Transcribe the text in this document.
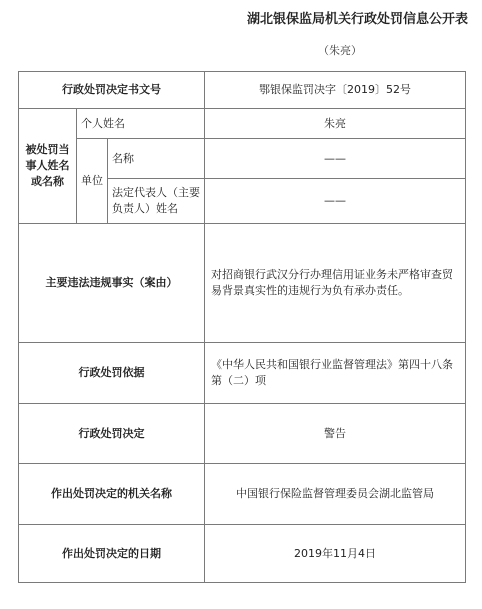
湖北银保监局机关行政处罚信息公开表
（朱亮）
行政处罚决定书文号			鄂银保监罚决字〔2019〕52号
被处罚当事人姓名或名称	个人姓名		朱亮
	单位	名称	——
		法定代表人（主要负责人）姓名	——
主要违法违规事实（案由）			对招商银行武汉分行办理信用证业务未严格审查贸易背景真实性的违规行为负有承办责任。
行政处罚依据			《中华人民共和国银行业监督管理法》第四十八条第（二）项
行政处罚决定			警告
作出处罚决定的机关名称			中国银行保险监督管理委员会湖北监管局
作出处罚决定的日期			2019年11月4日
